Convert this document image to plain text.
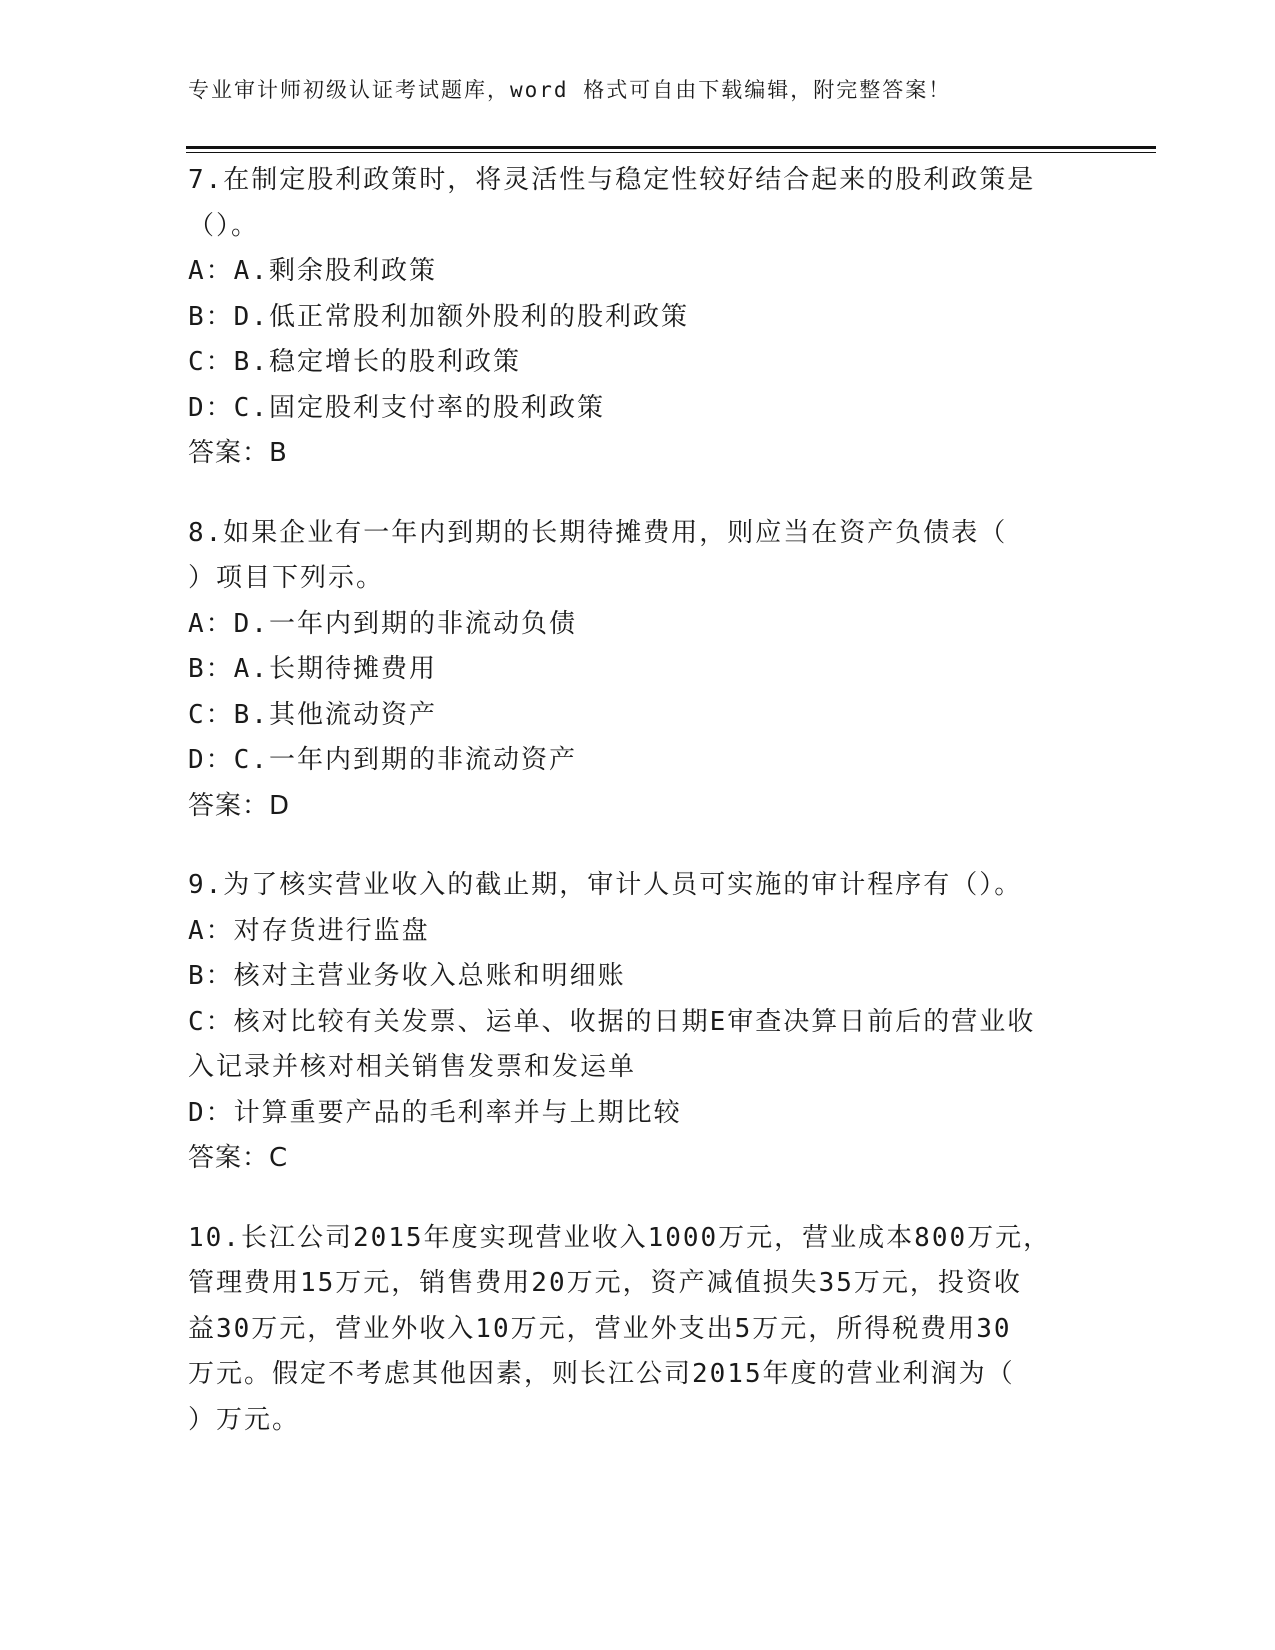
专业审计师初级认证考试题库，word 格式可自由下载编辑，附完整答案！
7.在制定股利政策时，将灵活性与稳定性较好结合起来的股利政策是
（）。
A：A.剩余股利政策
B：D.低正常股利加额外股利的股利政策
C：B.稳定增长的股利政策
D：C.固定股利支付率的股利政策
答案：B
8.如果企业有一年内到期的长期待摊费用，则应当在资产负债表（
）项目下列示。
A：D.一年内到期的非流动负债
B：A.长期待摊费用
C：B.其他流动资产
D：C.一年内到期的非流动资产
答案：D
9.为了核实营业收入的截止期，审计人员可实施的审计程序有（）。
A：对存货进行监盘
B：核对主营业务收入总账和明细账
C：核对比较有关发票、运单、收据的日期E审查决算日前后的营业收
入记录并核对相关销售发票和发运单
D：计算重要产品的毛利率并与上期比较
答案：C
10.长江公司2015年度实现营业收入1000万元，营业成本800万元，
管理费用15万元，销售费用20万元，资产减值损失35万元，投资收
益30万元，营业外收入10万元，营业外支出5万元，所得税费用30
万元。假定不考虑其他因素，则长江公司2015年度的营业利润为（
）万元。
